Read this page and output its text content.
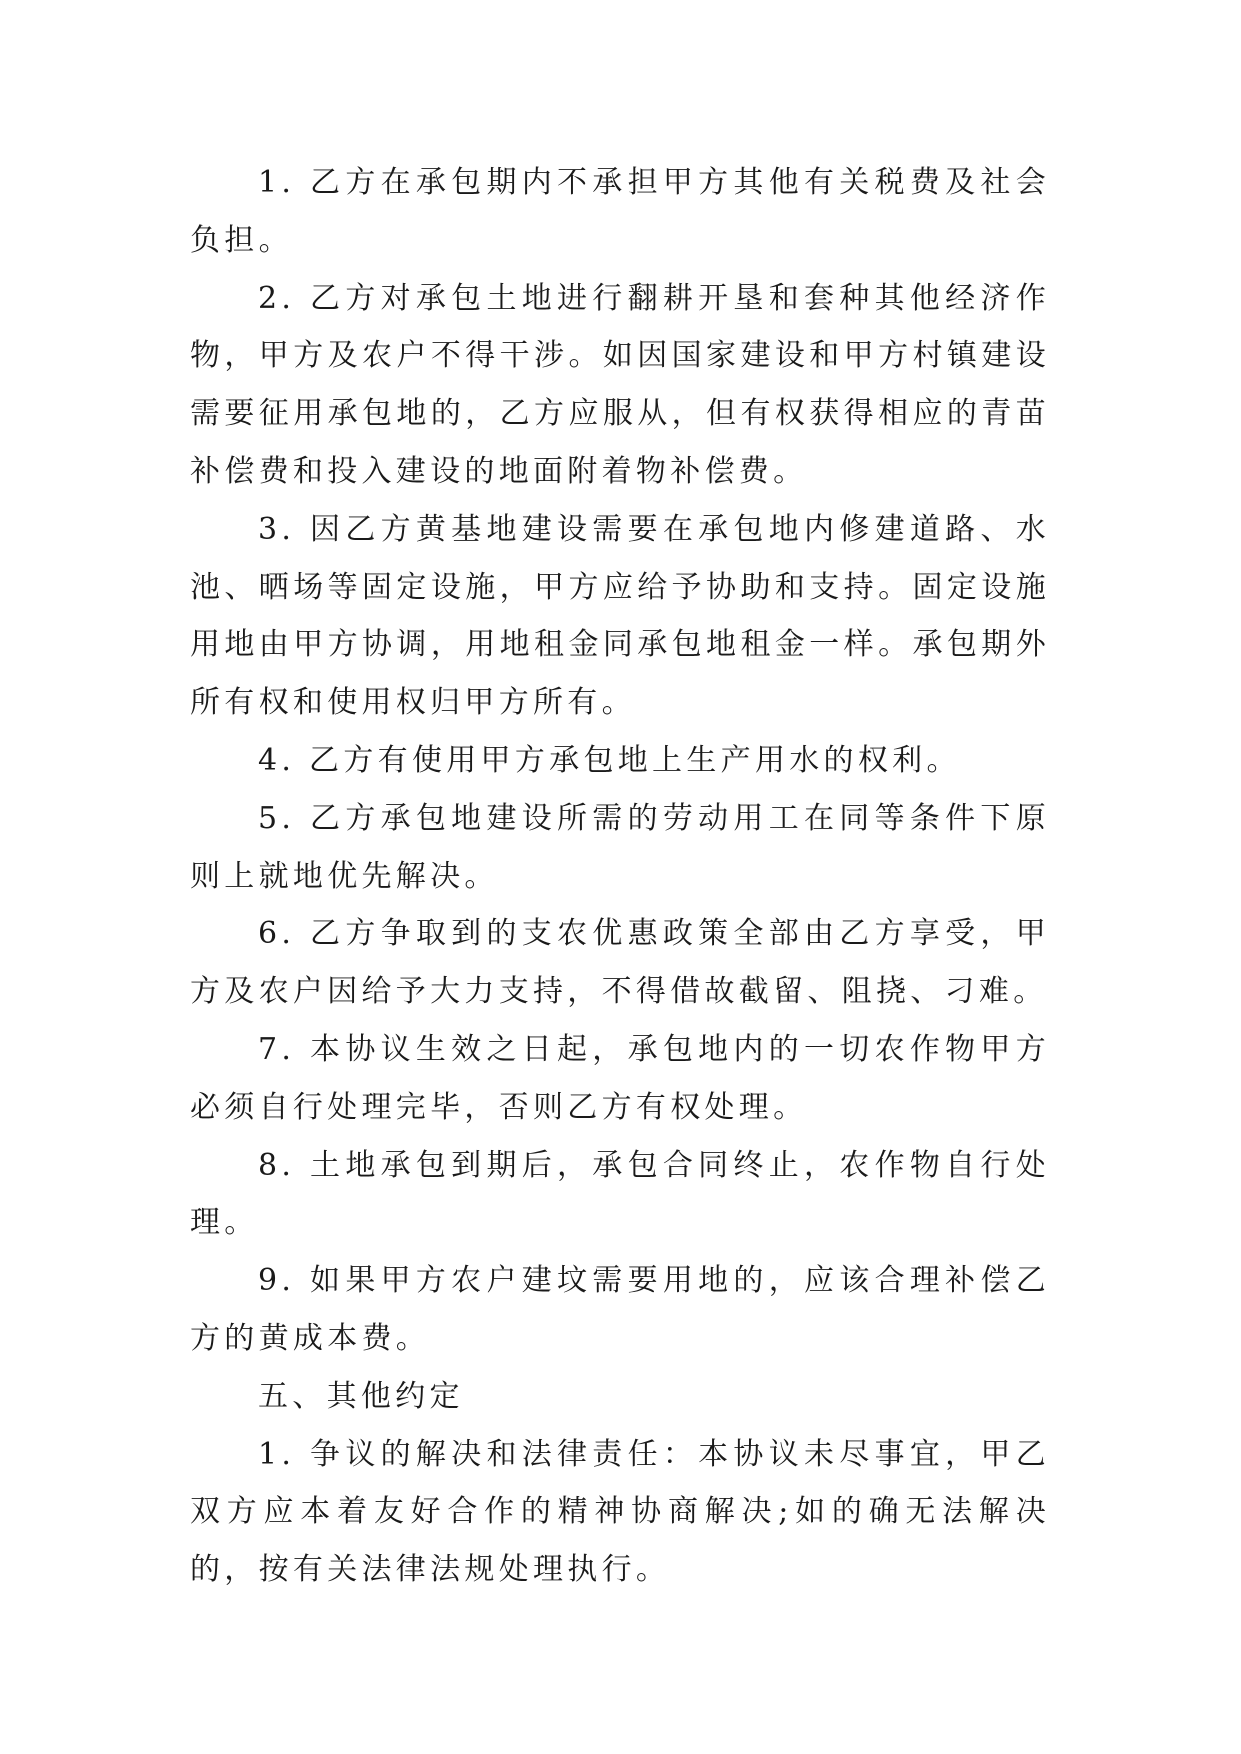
1. 乙方在承包期内不承担甲方其他有关税费及社会负担。

2. 乙方对承包土地进行翻耕开垦和套种其他经济作物，甲方及农户不得干涉。如因国家建设和甲方村镇建设需要征用承包地的，乙方应服从，但有权获得相应的青苗补偿费和投入建设的地面附着物补偿费。

3. 因乙方黄基地建设需要在承包地内修建道路、水池、晒场等固定设施，甲方应给予协助和支持。固定设施用地由甲方协调，用地租金同承包地租金一样。承包期外所有权和使用权归甲方所有。

4. 乙方有使用甲方承包地上生产用水的权利。

5. 乙方承包地建设所需的劳动用工在同等条件下原则上就地优先解决。

6. 乙方争取到的支农优惠政策全部由乙方享受，甲方及农户因给予大力支持，不得借故截留、阻挠、刁难。

7. 本协议生效之日起，承包地内的一切农作物甲方必须自行处理完毕，否则乙方有权处理。

8. 土地承包到期后，承包合同终止，农作物自行处理。

9. 如果甲方农户建坟需要用地的，应该合理补偿乙方的黄成本费。

五、其他约定

1. 争议的解决和法律责任：本协议未尽事宜，甲乙双方应本着友好合作的精神协商解决;如的确无法解决的，按有关法律法规处理执行。
